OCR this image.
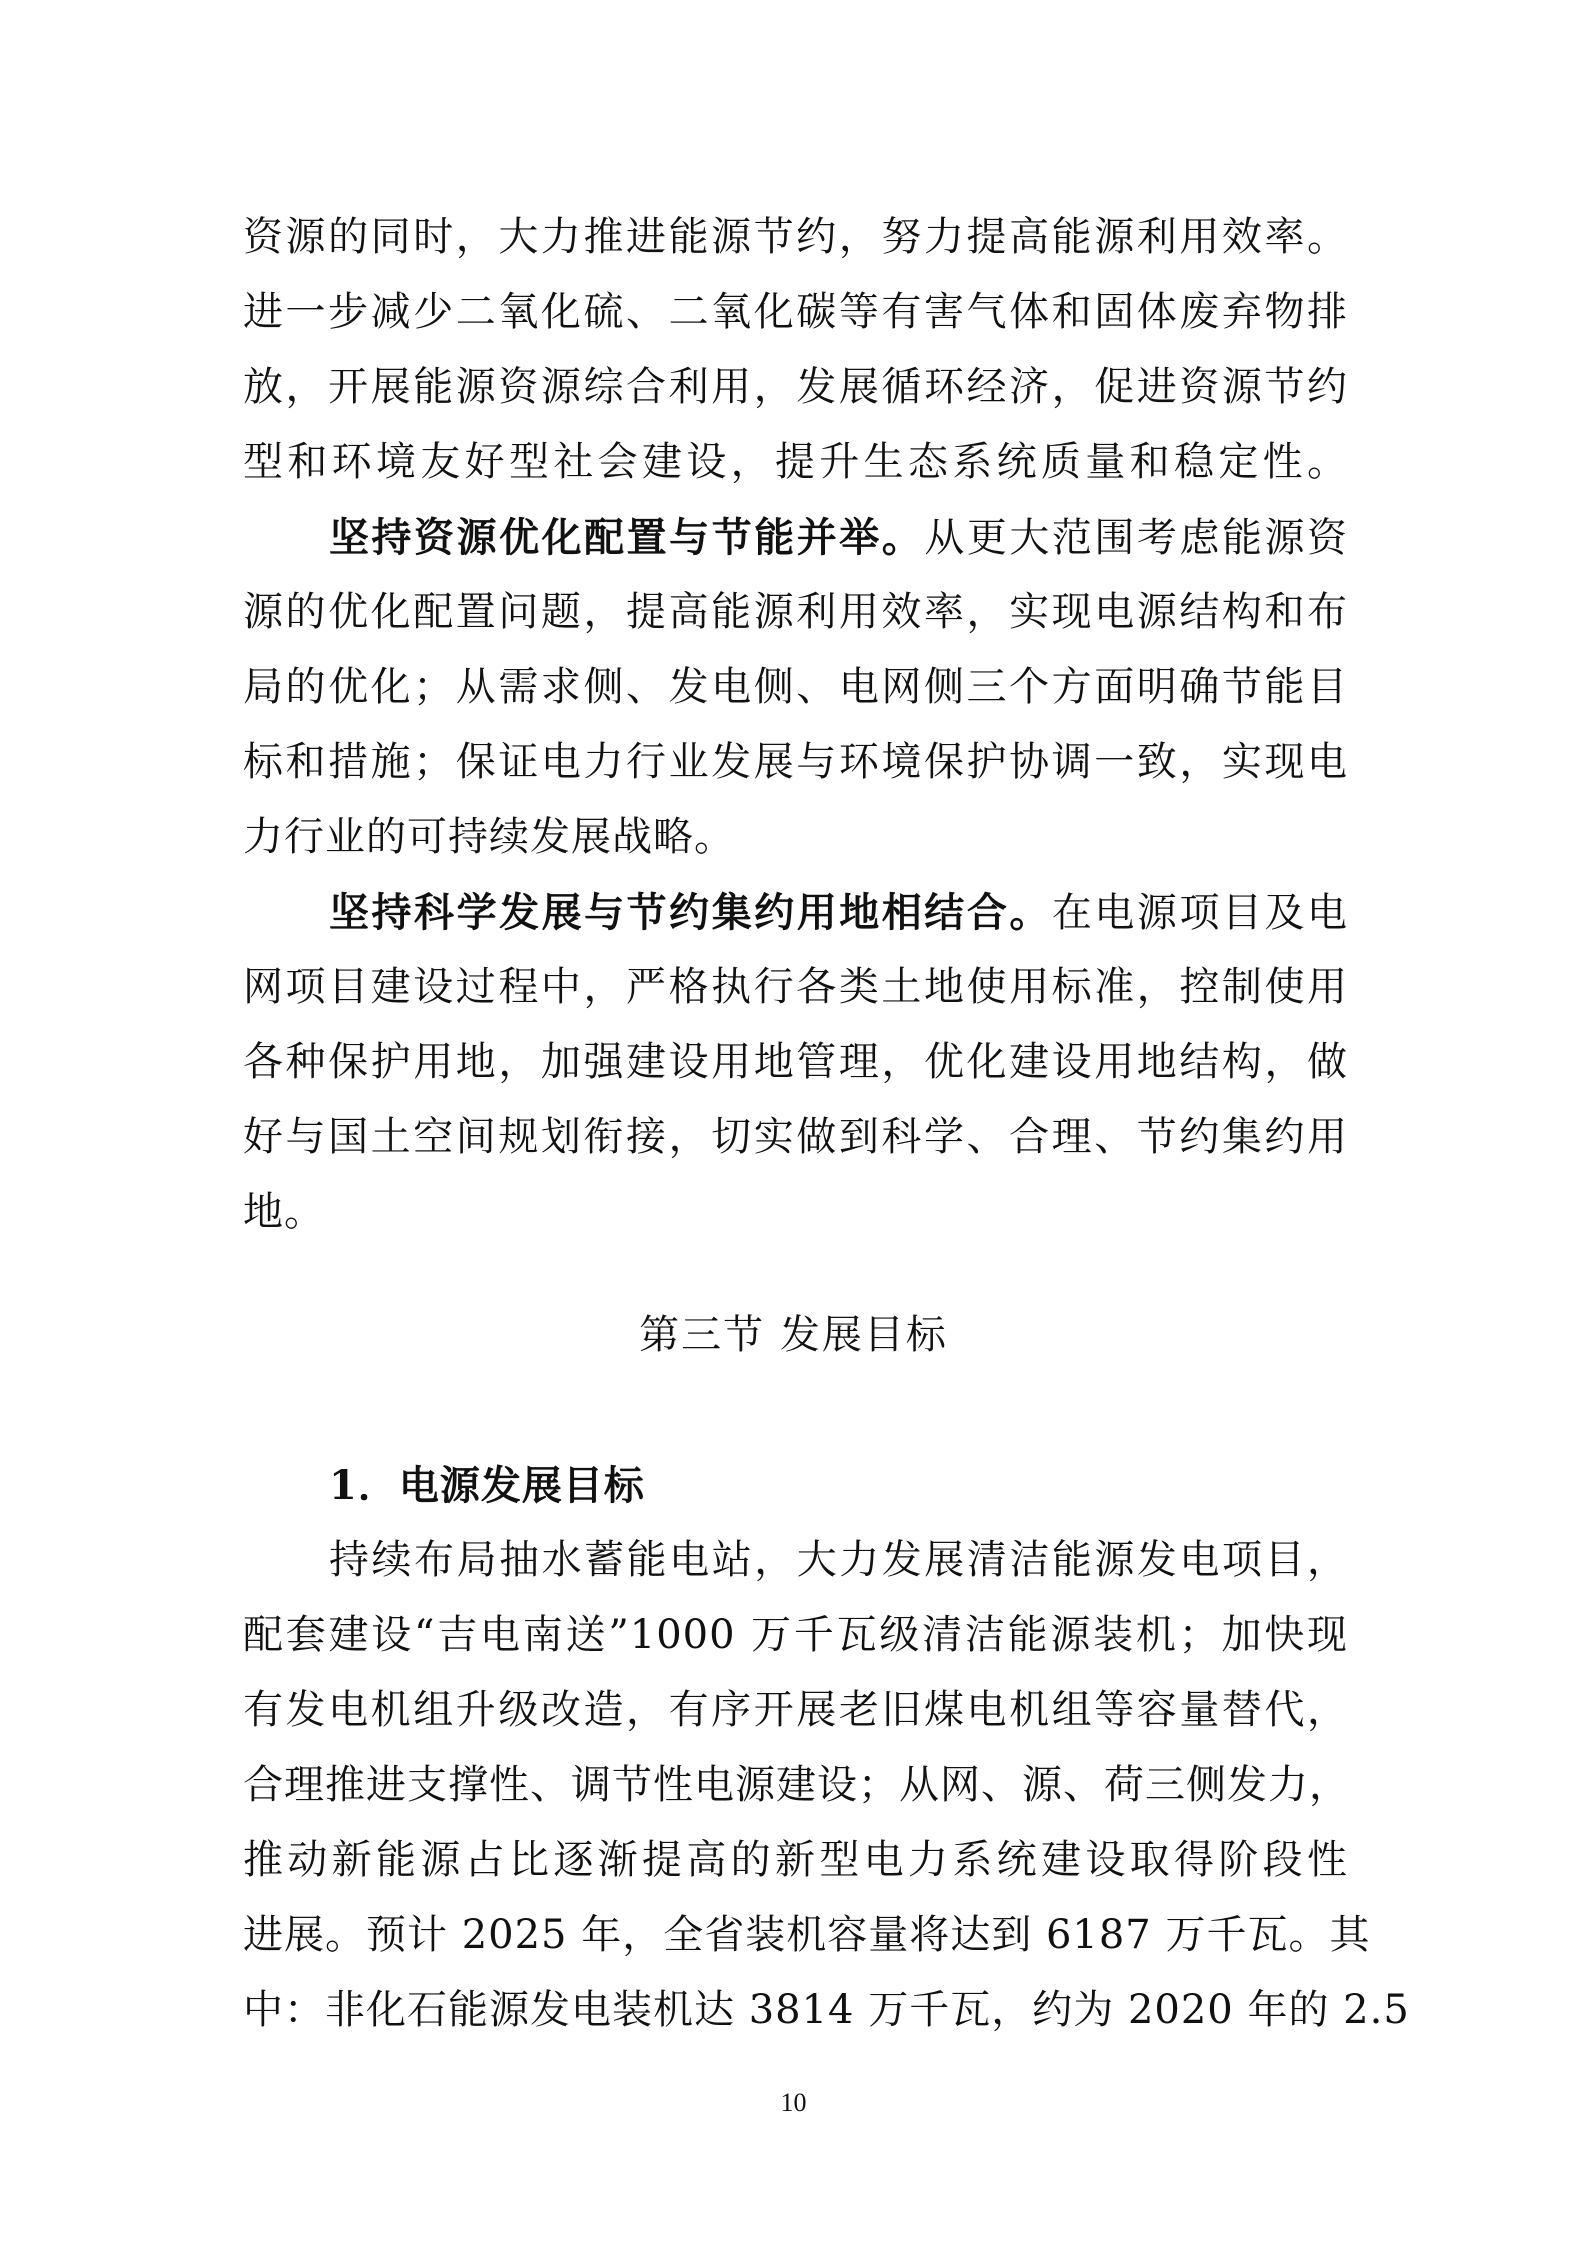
资源的同时，大力推进能源节约，努力提高能源利用效率。
进一步减少二氧化硫、二氧化碳等有害气体和固体废弃物排
放，开展能源资源综合利用，发展循环经济，促进资源节约
型和环境友好型社会建设，提升生态系统质量和稳定性。
坚持资源优化配置与节能并举。从更大范围考虑能源资
源的优化配置问题，提高能源利用效率，实现电源结构和布
局的优化；从需求侧、发电侧、电网侧三个方面明确节能目
标和措施；保证电力行业发展与环境保护协调一致，实现电
力行业的可持续发展战略。
坚持科学发展与节约集约用地相结合。在电源项目及电
网项目建设过程中，严格执行各类土地使用标准，控制使用
各种保护用地，加强建设用地管理，优化建设用地结构，做
好与国土空间规划衔接，切实做到科学、合理、节约集约用
地。
第三节 发展目标
1．电源发展目标
持续布局抽水蓄能电站，大力发展清洁能源发电项目，
配套建设“吉电南送”1000 万千瓦级清洁能源装机；加快现
有发电机组升级改造，有序开展老旧煤电机组等容量替代，
合理推进支撑性、调节性电源建设；从网、源、荷三侧发力，
推动新能源占比逐渐提高的新型电力系统建设取得阶段性
进展。预计 2025 年，全省装机容量将达到 6187 万千瓦。其
中：非化石能源发电装机达 3814 万千瓦，约为 2020 年的 2.5
10
